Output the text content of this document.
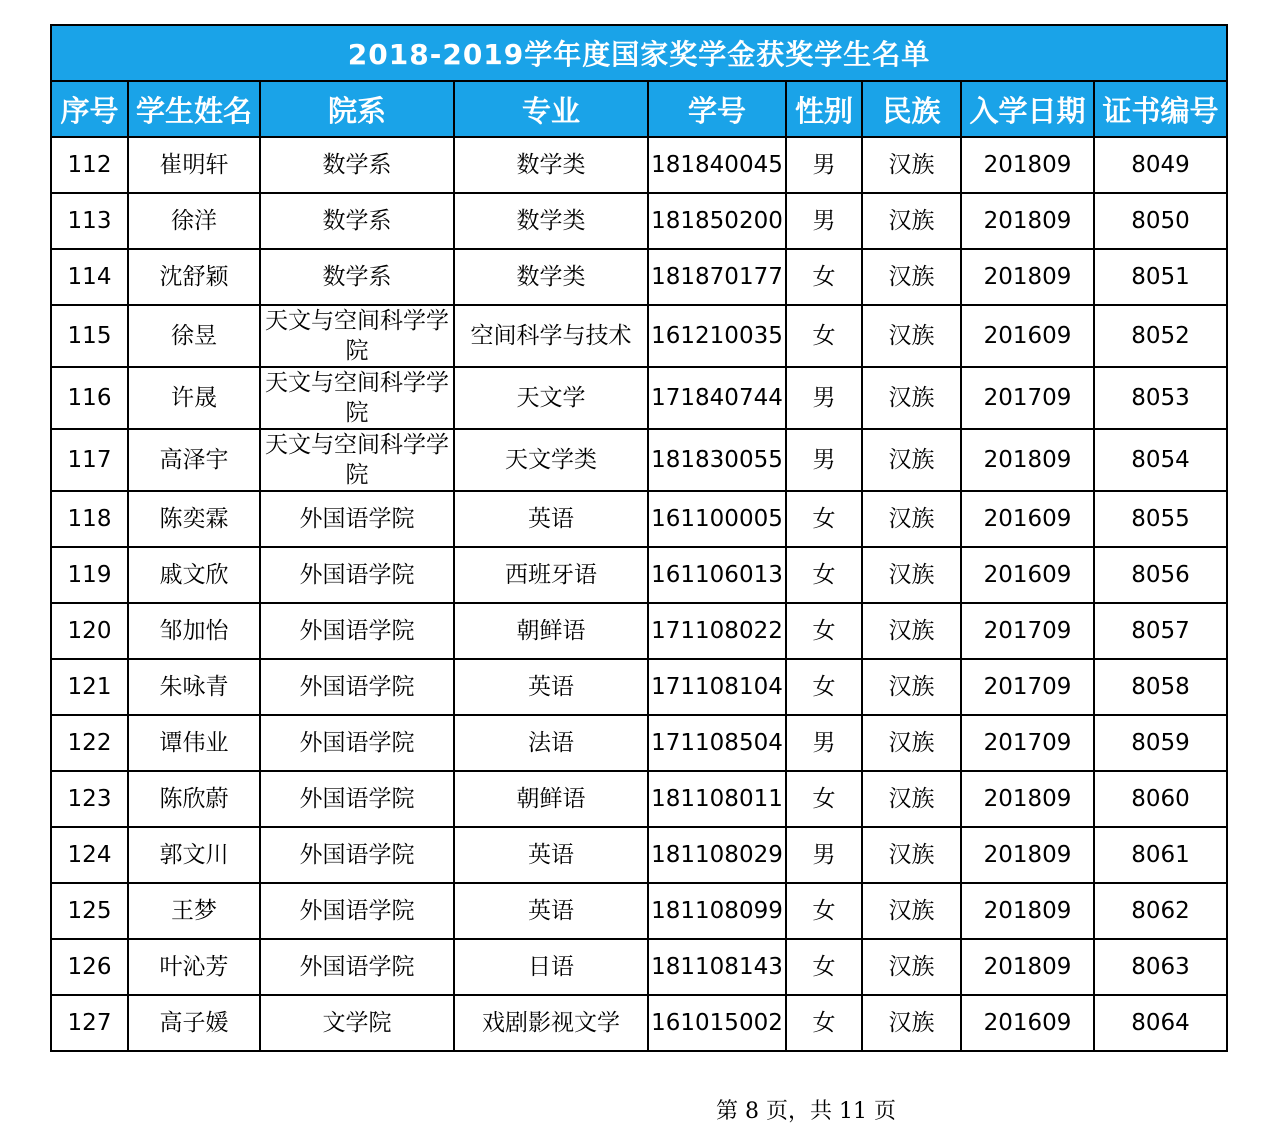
2018-2019学年度国家奖学金获奖学生名单								
序号	学生姓名	院系	专业	学号	性别	民族	入学日期	证书编号
112	崔明轩	数学系	数学类	181840045	男	汉族	201809	8049
113	徐洋	数学系	数学类	181850200	男	汉族	201809	8050
114	沈舒颖	数学系	数学类	181870177	女	汉族	201809	8051
115	徐昱	天文与空间科学学院	空间科学与技术	161210035	女	汉族	201609	8052
116	许晟	天文与空间科学学院	天文学	171840744	男	汉族	201709	8053
117	高泽宇	天文与空间科学学院	天文学类	181830055	男	汉族	201809	8054
118	陈奕霖	外国语学院	英语	161100005	女	汉族	201609	8055
119	戚文欣	外国语学院	西班牙语	161106013	女	汉族	201609	8056
120	邹加怡	外国语学院	朝鲜语	171108022	女	汉族	201709	8057
121	朱咏青	外国语学院	英语	171108104	女	汉族	201709	8058
122	谭伟业	外国语学院	法语	171108504	男	汉族	201709	8059
123	陈欣蔚	外国语学院	朝鲜语	181108011	女	汉族	201809	8060
124	郭文川	外国语学院	英语	181108029	男	汉族	201809	8061
125	王梦	外国语学院	英语	181108099	女	汉族	201809	8062
126	叶沁芳	外国语学院	日语	181108143	女	汉族	201809	8063
127	高子媛	文学院	戏剧影视文学	161015002	女	汉族	201609	8064
第 8 页，共 11 页
